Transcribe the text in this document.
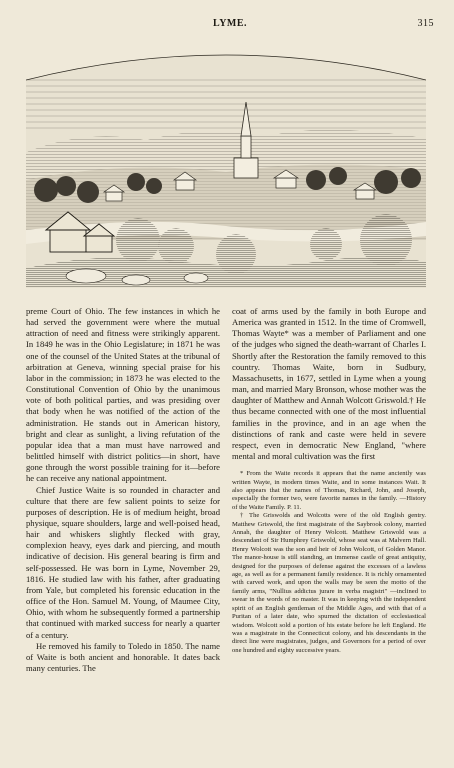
LYME.	315

preme Court of Ohio. The few instances in which he had served the government were where the mutual attraction of need and fitness were strikingly apparent. In 1849 he was in the Ohio Legislature; in 1871 he was one of the counsel of the United States at the tribunal of arbitration at Geneva, winning special praise for his labor in the commission; in 1873 he was elected to the Constitutional Convention of Ohio by the unanimous vote of both political parties, and was presiding over that body when he was notified of the action of the administration. He stands out in American history, bright and clear as sunlight, a living refutation of the popular idea that a man must have narrowed and belittled himself with district politics—in short, have gone through the worst possible training for it—before he can receive any national appointment.

Chief Justice Waite is so rounded in character and culture that there are few salient points to seize for purposes of description. He is of medium height, broad physique, square shoulders, large and well-poised head, hair and whiskers slightly flecked with gray, complexion heavy, eyes dark and piercing, and mouth indicative of decision. His general bearing is firm and self-possessed. He was born in Lyme, November 29, 1816. He studied law with his father, after graduating from Yale, but completed his forensic education in the office of the Hon. Samuel M. Young, of Maumee City, Ohio, with whom he subsequently formed a partnership that continued with marked success for nearly a quarter of a century.

He removed his family to Toledo in 1850. The name of Waite is both ancient and honorable. It dates back many centuries. The

coat of arms used by the family in both Europe and America was granted in 1512. In the time of Cromwell, Thomas Wayte* was a member of Parliament and one of the judges who signed the death-warrant of Charles I. Shortly after the Restoration the family removed to this country. Thomas Waite, born in Sudbury, Massachusetts, in 1677, settled in Lyme when a young man, and married Mary Bronson, whose mother was the daughter of Matthew and Annah Wolcott Griswold.† He thus became connected with one of the most influential families in the province, and in an age when the distinctions of rank and caste were held in severe respect, even in democratic New England, "where mental and moral cultivation was the first

* From the Waite records it appears that the name anciently was written Wayte, in modern times Waite, and in some instances Wait. It also appears that the names of Thomas, Richard, John, and Joseph, especially the former two, were favorite names in the family. —History of the Waite Family. P. 11.

† The Griswolds and Wolcotts were of the old English gentry. Matthew Griswold, the first magistrate of the Saybrook colony, married Annah, the daughter of Henry Wolcott. Matthew Griswold was a descendant of Sir Humphrey Griswold, whose seat was at Malvern Hall. Henry Wolcott was the son and heir of John Wolcott, of Golden Manor. The manor-house is still standing, an immense castle of great antiquity, designed for the purposes of defense against the excesses of a lawless age, as well as for a permanent family residence. It is richly ornamented with carved work, and upon the walls may be seen the motto of the family arms, "Nullius addictus jurare in verba magistri" —inclined to swear in the words of no master. It was in keeping with the independent spirit of an English gentleman of the Middle Ages, and with that of a Puritan of a later date, who spurned the dictation of ecclesiastical wisdom. Wolcott sold a portion of his estate before he left England. He was a magistrate in the Connecticut colony, and his descendants in the direct line were magistrates, judges, and Governors for a period of over one hundred and eighty successive years.
